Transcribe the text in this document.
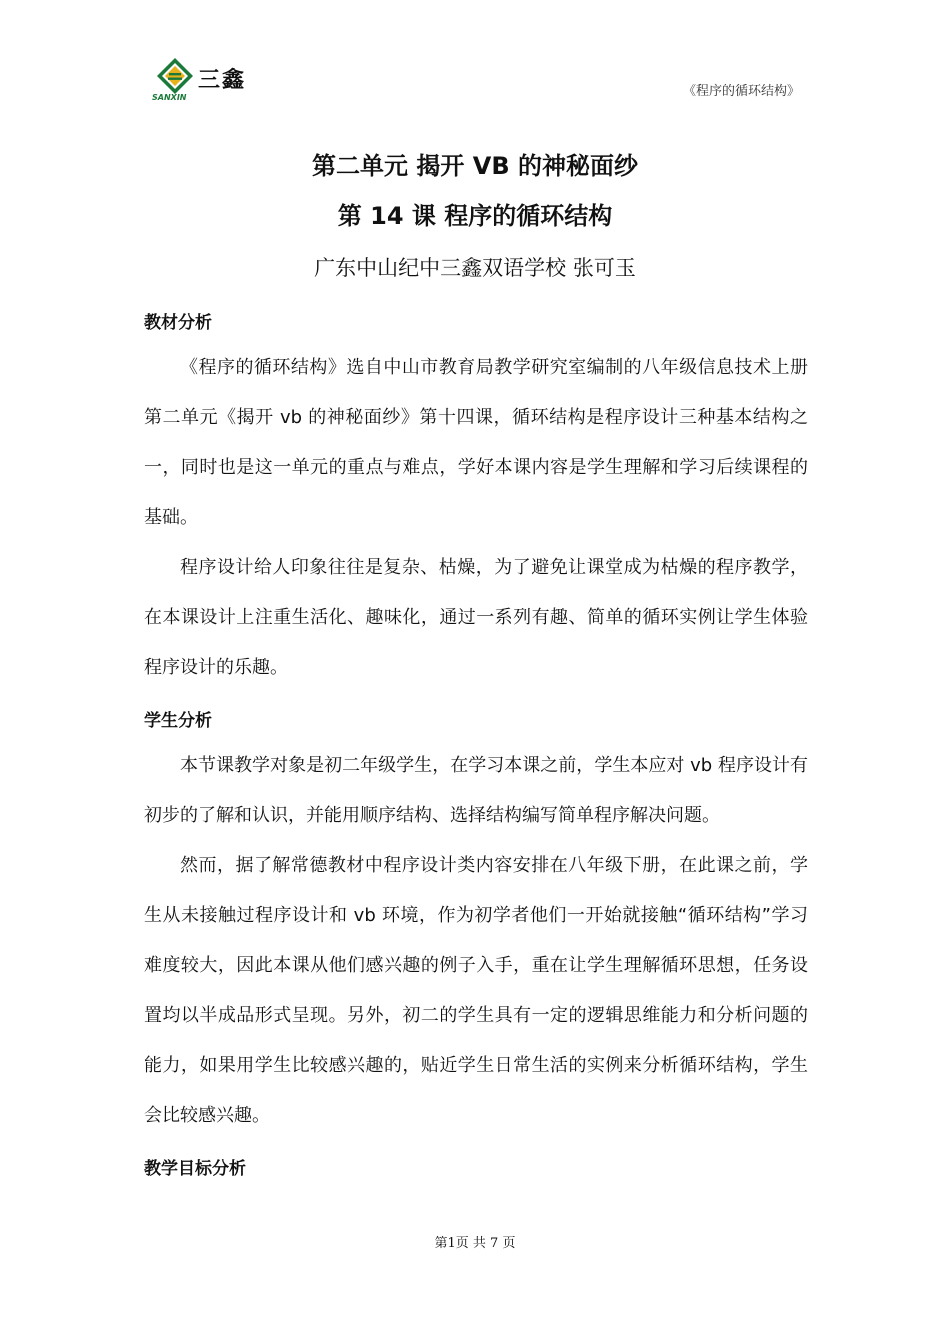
三鑫
SANXIN	《程序的循环结构》
第二单元 揭开 VB 的神秘面纱
第 14 课 程序的循环结构
广东中山纪中三鑫双语学校 张可玉
教材分析
《程序的循环结构》选自中山市教育局教学研究室编制的八年级信息技术上册第二单元《揭开 vb 的神秘面纱》第十四课，循环结构是程序设计三种基本结构之一，同时也是这一单元的重点与难点，学好本课内容是学生理解和学习后续课程的基础。
程序设计给人印象往往是复杂、枯燥，为了避免让课堂成为枯燥的程序教学，在本课设计上注重生活化、趣味化，通过一系列有趣、简单的循环实例让学生体验程序设计的乐趣。
学生分析
本节课教学对象是初二年级学生，在学习本课之前，学生本应对 vb 程序设计有初步的了解和认识，并能用顺序结构、选择结构编写简单程序解决问题。
然而，据了解常德教材中程序设计类内容安排在八年级下册，在此课之前，学生从未接触过程序设计和 vb 环境，作为初学者他们一开始就接触“循环结构”学习难度较大，因此本课从他们感兴趣的例子入手，重在让学生理解循环思想，任务设置均以半成品形式呈现。另外，初二的学生具有一定的逻辑思维能力和分析问题的能力，如果用学生比较感兴趣的，贴近学生日常生活的实例来分析循环结构，学生会比较感兴趣。
教学目标分析
第1页 共 7 页
